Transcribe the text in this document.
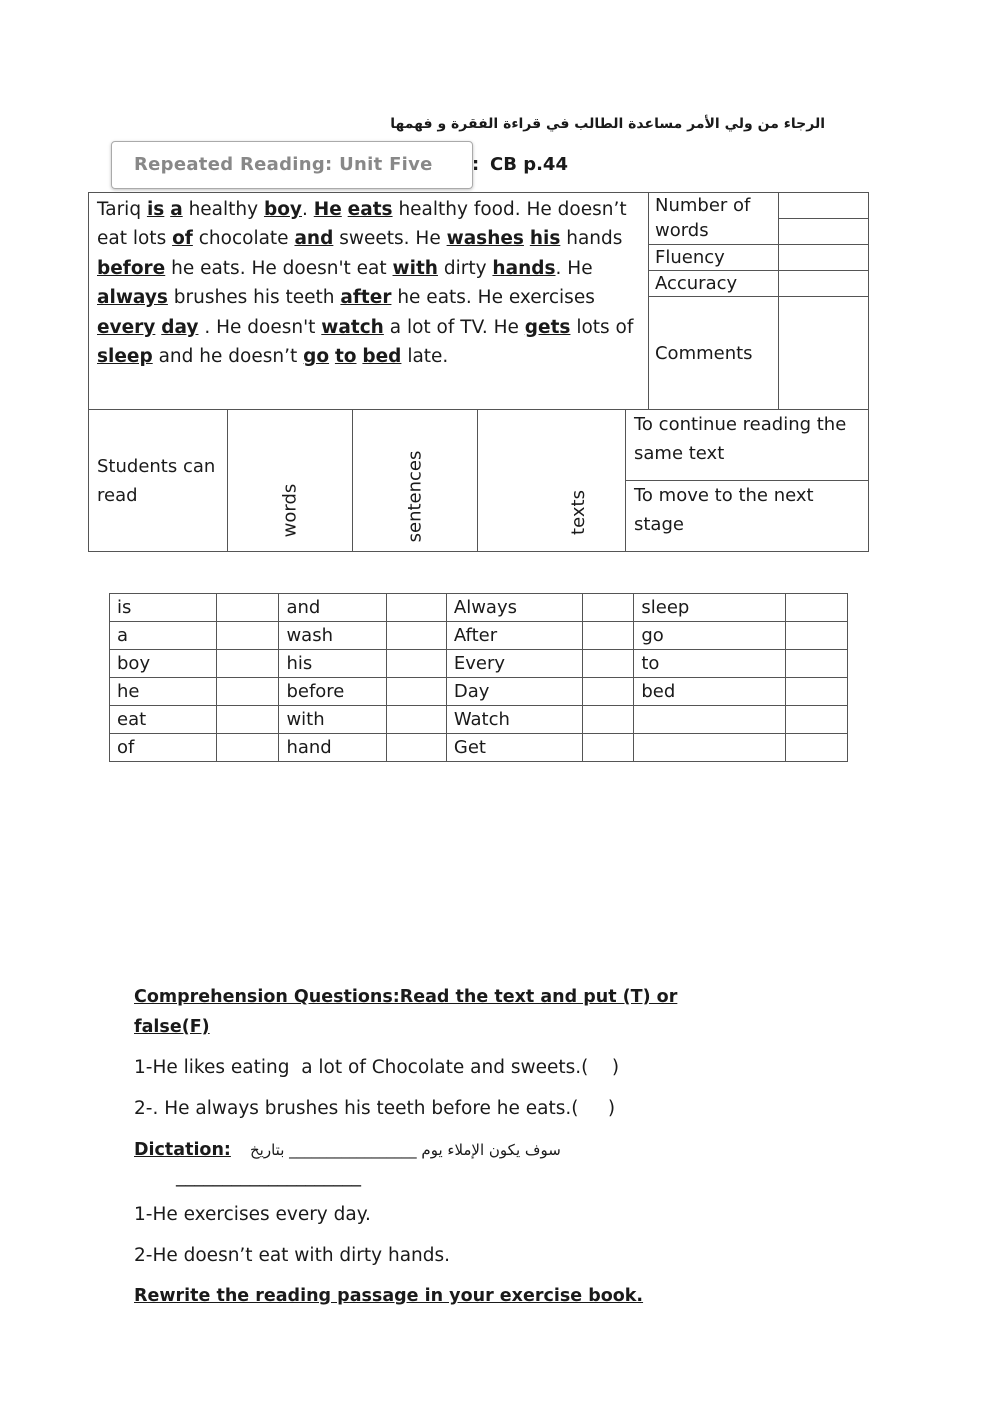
الرجاء من ولي الأمر مساعدة الطالب في قراءة الفقرة و فهمها
Repeated Reading: Unit Five : CB p.44
Tariq is a healthy boy. He eats healthy food. He doesn’t eat lots of chocolate and sweets. He washes his hands before he eats. He doesn't eat with dirty hands. He always brushes his teeth after he eats. He exercises every day . He doesn't watch a lot of TV. He gets lots of sleep and he doesn’t go to bed late.	Number of words	

	Fluency	
	Accuracy	
	Comments	
Students can read	words	sentences	texts	To continue reading the same text
To move to the next stage
is		and		Always		sleep	
a		wash		After		go	
boy		his		Every		to	
he		before		Day		bed	
eat		with		Watch			
of		hand		Get			
Comprehension Questions:Read the text and put (T) or
false(F)
1-He likes eating  a lot of Chocolate and sweets.(    )
2-. He always brushes his teeth before he eats.(     )
Dictation: سوف يكون الإملاء يوم _________________ بتاريخ
____________________
1-He exercises every day.
2-He doesn’t eat with dirty hands.
Rewrite the reading passage in your exercise book.
